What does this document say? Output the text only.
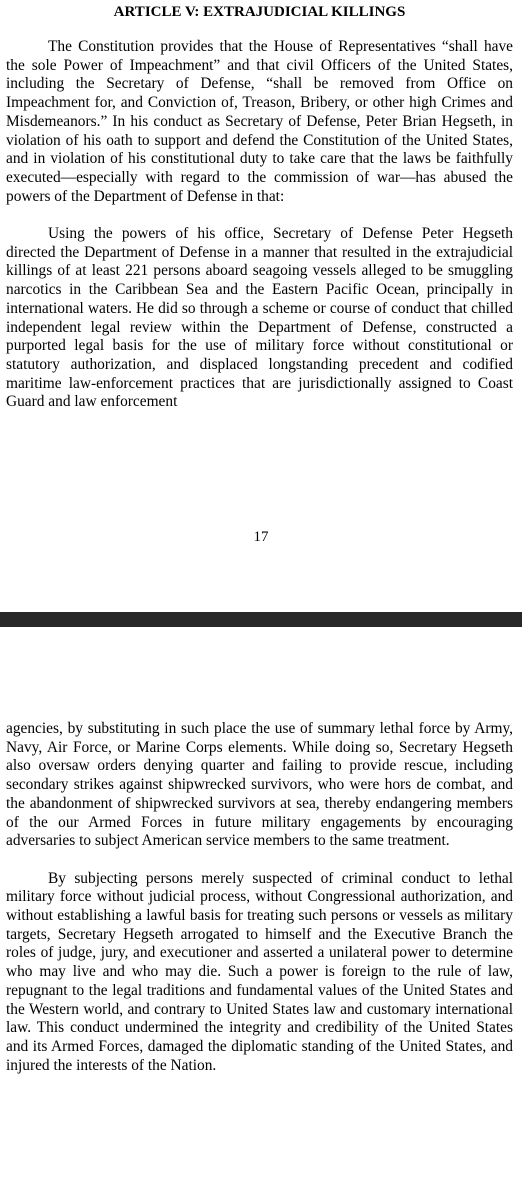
ARTICLE V: EXTRAJUDICIAL KILLINGS

The Constitution provides that the House of Representatives “shall have the sole Power of Impeachment” and that civil Officers of the United States, including the Secretary of Defense, “shall be removed from Office on Impeachment for, and Conviction of, Treason, Bribery, or other high Crimes and Misdemeanors.” In his conduct as Secretary of Defense, Peter Brian Hegseth, in violation of his oath to support and defend the Constitution of the United States, and in violation of his constitutional duty to take care that the laws be faithfully executed—especially with regard to the commission of war—has abused the powers of the Department of Defense in that:

Using the powers of his office, Secretary of Defense Peter Hegseth directed the Department of Defense in a manner that resulted in the extrajudicial killings of at least 221 persons aboard seagoing vessels alleged to be smuggling narcotics in the Caribbean Sea and the Eastern Pacific Ocean, principally in international waters. He did so through a scheme or course of conduct that chilled independent legal review within the Department of Defense, constructed a purported legal basis for the use of military force without constitutional or statutory authorization, and displaced longstanding precedent and codified maritime law-enforcement practices that are jurisdictionally assigned to Coast Guard and law enforcement

17

agencies, by substituting in such place the use of summary lethal force by Army, Navy, Air Force, or Marine Corps elements. While doing so, Secretary Hegseth also oversaw orders denying quarter and failing to provide rescue, including secondary strikes against shipwrecked survivors, who were hors de combat, and the abandonment of shipwrecked survivors at sea, thereby endangering members of the our Armed Forces in future military engagements by encouraging adversaries to subject American service members to the same treatment.

By subjecting persons merely suspected of criminal conduct to lethal military force without judicial process, without Congressional authorization, and without establishing a lawful basis for treating such persons or vessels as military targets, Secretary Hegseth arrogated to himself and the Executive Branch the roles of judge, jury, and executioner and asserted a unilateral power to determine who may live and who may die. Such a power is foreign to the rule of law, repugnant to the legal traditions and fundamental values of the United States and the Western world, and contrary to United States law and customary international law. This conduct undermined the integrity and credibility of the United States and its Armed Forces, damaged the diplomatic standing of the United States, and injured the interests of the Nation.
